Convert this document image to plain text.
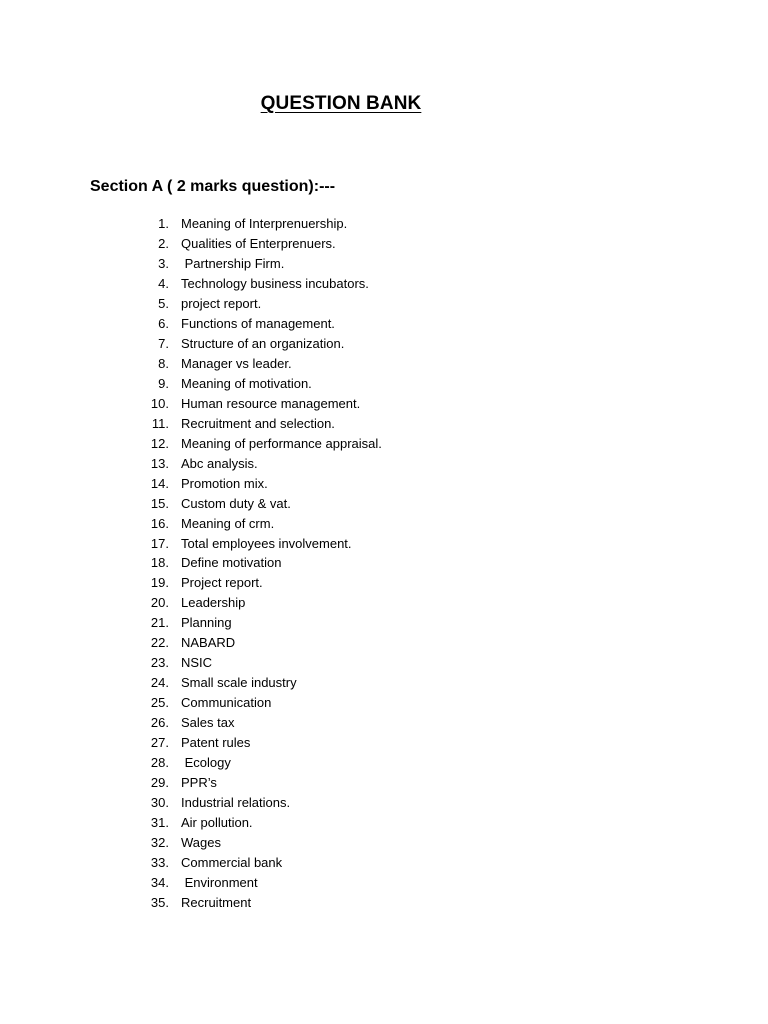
QUESTION BANK
Section A ( 2 marks question):---
1. Meaning of Interprenuership.
2. Qualities of Enterprenuers.
3. Partnership Firm.
4. Technology business incubators.
5. project report.
6. Functions of management.
7. Structure of an organization.
8. Manager vs leader.
9. Meaning of motivation.
10. Human resource management.
11. Recruitment and selection.
12. Meaning of performance appraisal.
13. Abc analysis.
14. Promotion mix.
15. Custom duty & vat.
16. Meaning of crm.
17. Total employees involvement.
18. Define motivation
19. Project report.
20. Leadership
21. Planning
22. NABARD
23. NSIC
24. Small scale industry
25. Communication
26. Sales tax
27. Patent rules
28. Ecology
29. PPR’s
30. Industrial relations.
31. Air pollution.
32. Wages
33. Commercial bank
34. Environment
35. Recruitment
